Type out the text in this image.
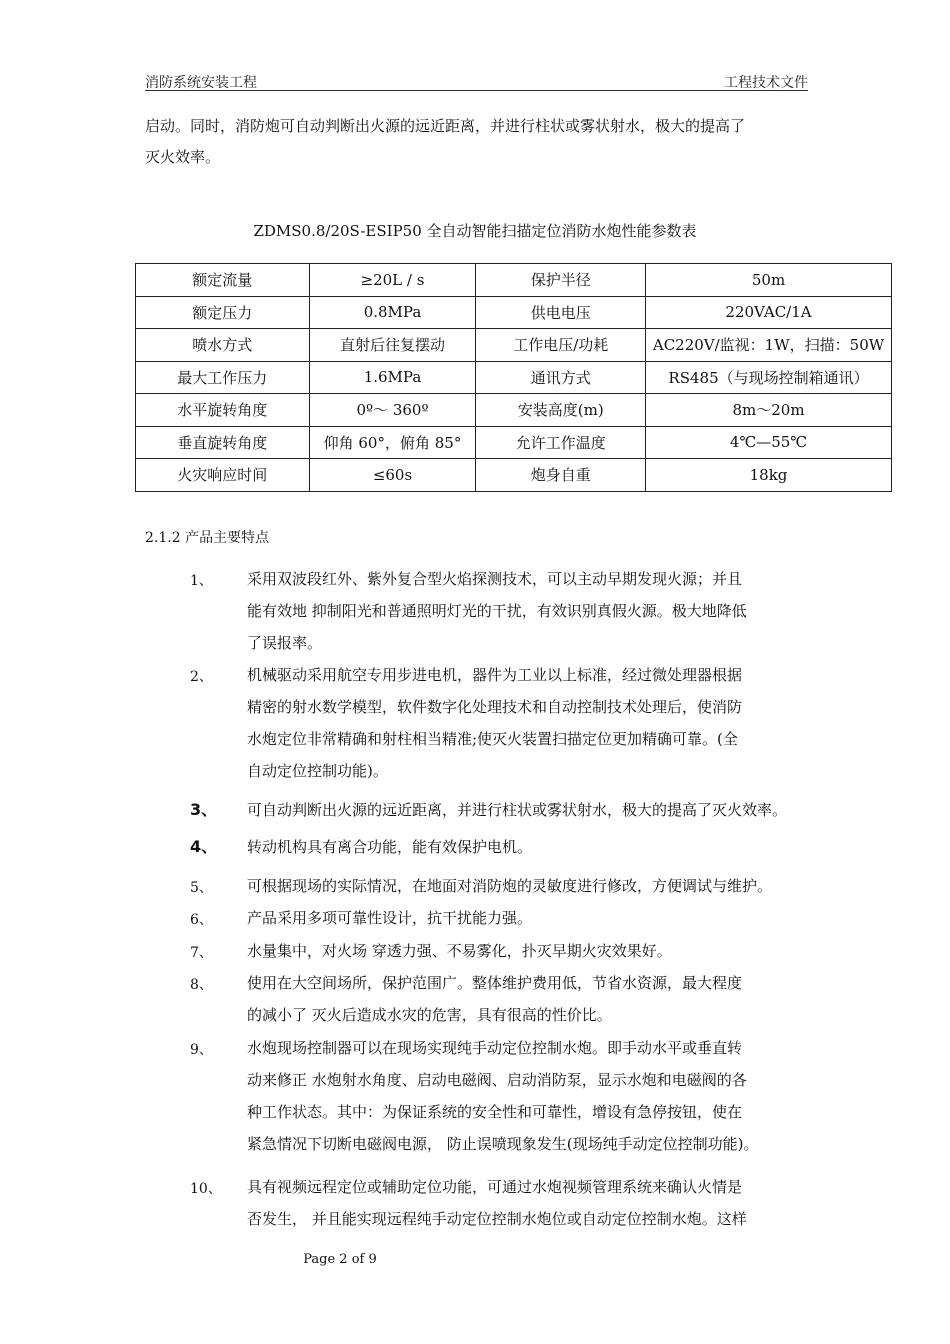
消防系统安装工程	工程技术文件
启动。同时，消防炮可自动判断出火源的远近距离，并进行柱状或雾状射水，极大的提高了
灭火效率。
ZDMS0.8/20S-ESIP50 全自动智能扫描定位消防水炮性能参数表
额定流量	≥20L / s	保护半径	50m
额定压力	0.8MPa	供电电压	220VAC/1A
喷水方式	直射后往复摆动	工作电压/功耗	AC220V/监视：1W，扫描：50W
最大工作压力	1.6MPa	通讯方式	RS485（与现场控制箱通讯）
水平旋转角度	0º～ 360º	安装高度(m)	8m～20m
垂直旋转角度	仰角 60°，俯角 85°	允许工作温度	4℃—55℃
火灾响应时间	≤60s	炮身自重	18kg
2.1.2 产品主要特点
1、	采用双波段红外、紫外复合型火焰探测技术，可以主动早期发现火源；并且
能有效地 抑制阳光和普通照明灯光的干扰，有效识别真假火源。极大地降低
了误报率。
2、	机械驱动采用航空专用步进电机，器件为工业以上标准，经过微处理器根据
精密的射水数学模型，软件数字化处理技术和自动控制技术处理后，使消防
水炮定位非常精确和射柱相当精准;使灭火装置扫描定位更加精确可靠。(全
自动定位控制功能)。
3、	可自动判断出火源的远近距离，并进行柱状或雾状射水，极大的提高了灭火效率。
4、	转动机构具有离合功能，能有效保护电机。
5、	可根据现场的实际情况，在地面对消防炮的灵敏度进行修改，方便调试与维护。
6、	产品采用多项可靠性设计，抗干扰能力强。
7、	水量集中，对火场 穿透力强、不易雾化，扑灭早期火灾效果好。
8、	使用在大空间场所，保护范围广。整体维护费用低，节省水资源，最大程度
的减小了 灭火后造成水灾的危害，具有很高的性价比。
9、	水炮现场控制器可以在现场实现纯手动定位控制水炮。即手动水平或垂直转
动来修正 水炮射水角度、启动电磁阀、启动消防泵，显示水炮和电磁阀的各
种工作状态。其中：为保证系统的安全性和可靠性，增设有急停按钮，使在
紧急情况下切断电磁阀电源， 防止误喷现象发生(现场纯手动定位控制功能)。
10、	具有视频远程定位或辅助定位功能，可通过水炮视频管理系统来确认火情是
否发生， 并且能实现远程纯手动定位控制水炮位或自动定位控制水炮。这样
Page 2 of 9
